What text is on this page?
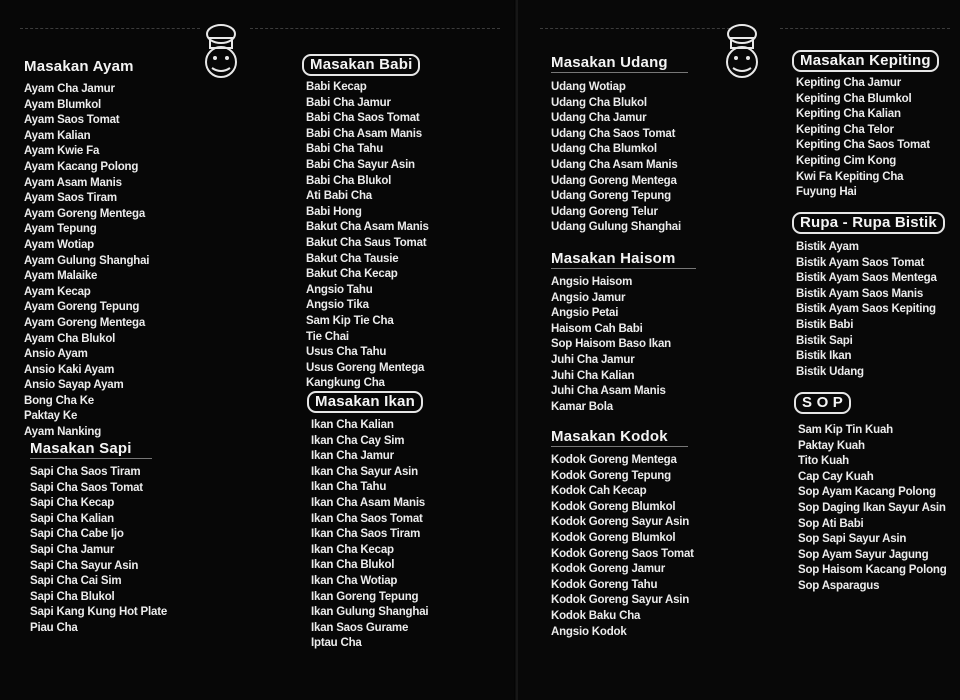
Masakan Ayam
Ayam Cha Jamur
Ayam Blumkol
Ayam Saos Tomat
Ayam Kalian
Ayam Kwie Fa
Ayam Kacang Polong
Ayam Asam Manis
Ayam Saos Tiram
Ayam Goreng Mentega
Ayam Tepung
Ayam Wotiap
Ayam Gulung Shanghai
Ayam Malaike
Ayam Kecap
Ayam Goreng Tepung
Ayam Goreng Mentega
Ayam Cha Blukol
Ansio Ayam
Ansio Kaki Ayam
Ansio Sayap Ayam
Bong Cha Ke
Paktay Ke
Ayam Nanking
Masakan Sapi
Sapi Cha Saos Tiram
Sapi Cha Saos Tomat
Sapi Cha Kecap
Sapi Cha Kalian
Sapi Cha Cabe Ijo
Sapi Cha Jamur
Sapi Cha Sayur Asin
Sapi Cha Cai Sim
Sapi Cha Blukol
Sapi Kang Kung Hot Plate
Piau Cha
Masakan Babi
Babi Kecap
Babi Cha Jamur
Babi Cha Saos Tomat
Babi Cha Asam Manis
Babi Cha Tahu
Babi Cha Sayur Asin
Babi Cha Blukol
Ati Babi Cha
Babi Hong
Bakut Cha Asam Manis
Bakut Cha Saus Tomat
Bakut Cha Tausie
Bakut Cha Kecap
Angsio Tahu
Angsio Tika
Sam Kip Tie Cha
Tie Chai
Usus Cha Tahu
Usus Goreng Mentega
Kangkung Cha
Masakan Ikan
Ikan Cha Kalian
Ikan Cha Cay Sim
Ikan Cha Jamur
Ikan Cha Sayur Asin
Ikan Cha Tahu
Ikan Cha Asam Manis
Ikan Cha Saos Tomat
Ikan Cha Saos Tiram
Ikan Cha Kecap
Ikan Cha Blukol
Ikan Cha Wotiap
Ikan Goreng Tepung
Ikan Gulung Shanghai
Ikan Saos Gurame
Iptau Cha
Masakan Udang
Udang Wotiap
Udang Cha Blukol
Udang Cha Jamur
Udang Cha Saos Tomat
Udang Cha Blumkol
Udang Cha Asam Manis
Udang Goreng Mentega
Udang Goreng Tepung
Udang Goreng Telur
Udang Gulung Shanghai
Masakan Haisom
Angsio Haisom
Angsio Jamur
Angsio Petai
Haisom Cah Babi
Sop Haisom Baso Ikan
Juhi Cha Jamur
Juhi Cha Kalian
Juhi Cha Asam Manis
Kamar Bola
Masakan Kodok
Kodok Goreng Mentega
Kodok Goreng Tepung
Kodok Cah Kecap
Kodok Goreng Blumkol
Kodok Goreng Sayur Asin
Kodok Goreng Blumkol
Kodok Goreng Saos Tomat
Kodok Goreng Jamur
Kodok Goreng Tahu
Kodok Goreng Sayur Asin
Kodok Baku Cha
Angsio Kodok
Masakan Kepiting
Kepiting Cha Jamur
Kepiting Cha Blumkol
Kepiting Cha Kalian
Kepiting Cha Telor
Kepiting Cha Saos Tomat
Kepiting Cim Kong
Kwi Fa Kepiting Cha
Fuyung Hai
Rupa - Rupa Bistik
Bistik Ayam
Bistik Ayam Saos Tomat
Bistik Ayam Saos Mentega
Bistik Ayam Saos Manis
Bistik Ayam Saos Kepiting
Bistik Babi
Bistik Sapi
Bistik Ikan
Bistik Udang
S O P
Sam Kip Tin Kuah
Paktay Kuah
Tito Kuah
Cap Cay Kuah
Sop Ayam Kacang Polong
Sop Daging Ikan Sayur Asin
Sop Ati Babi
Sop Sapi Sayur Asin
Sop Ayam Sayur Jagung
Sop Haisom Kacang Polong
Sop Asparagus
